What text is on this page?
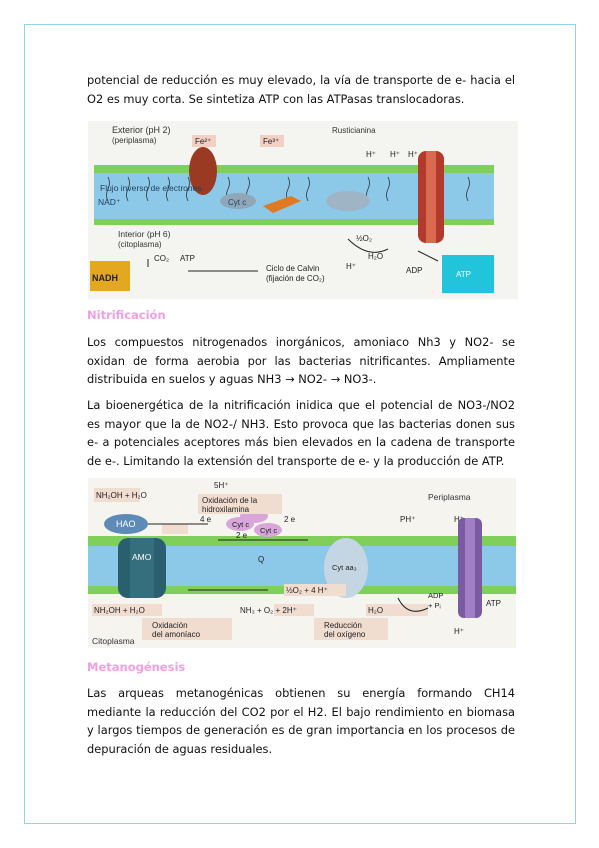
potencial de reducción es muy elevado, la vía de transporte de e- hacia el O2 es muy corta. Se sintetiza ATP con las ATPasas translocadoras.
Exterior (pH 2)
(periplasma)	Fe²⁺	Fe³⁺
Rusticianina
Flujo inverso de electrones
NAD⁺	Cyt c
Interior (pH 6)
(citoplasma)
½O₂
H₂O
H⁺ H⁺ H⁺
H⁺	ADP	ATP
CO₂ ATP
NADH
Ciclo de Calvin
(fijación de CO₂)
Nitrificación
Los compuestos nitrogenados inorgánicos, amoniaco Nh3 y NO2- se oxidan de forma aerobia por las bacterias nitrificantes. Ampliamente distribuida en suelos y aguas NH3 → NO2- → NO3-.
La bioenergética de la nitrificación inidica que el potencial de NO3-/NO2 es mayor que la de NO2-/ NH3. Esto provoca que las bacterias donen sus e- a potenciales aceptores más bien elevados en la cadena de transporte de e-. Limitando la extensión del transporte de e- y la producción de ATP.
NH₂OH + H₂O
Oxidación de la
hidroxilamina
5H⁺
HAO
AMO
Cyt c
Cyt c
Cyt aa₃
Q
4 e	2 e
2 e
Periplasma
NH₂OH + H₂O	NH₃ + O₂ + 2H⁺
½O₂ + 4 H⁺
H₂O
PH⁺	H⁺
H⁺
ADP
+ Pᵢ	ATP
Oxidación
del amoníaco
Reducción
del oxígeno
Citoplasma
Metanogénesis
Las arqueas metanogénicas obtienen su energía formando CH14 mediante la reducción del CO2 por el H2. El bajo rendimiento en biomasa y largos tiempos de generación es de gran importancia en los procesos de depuración de aguas residuales.
